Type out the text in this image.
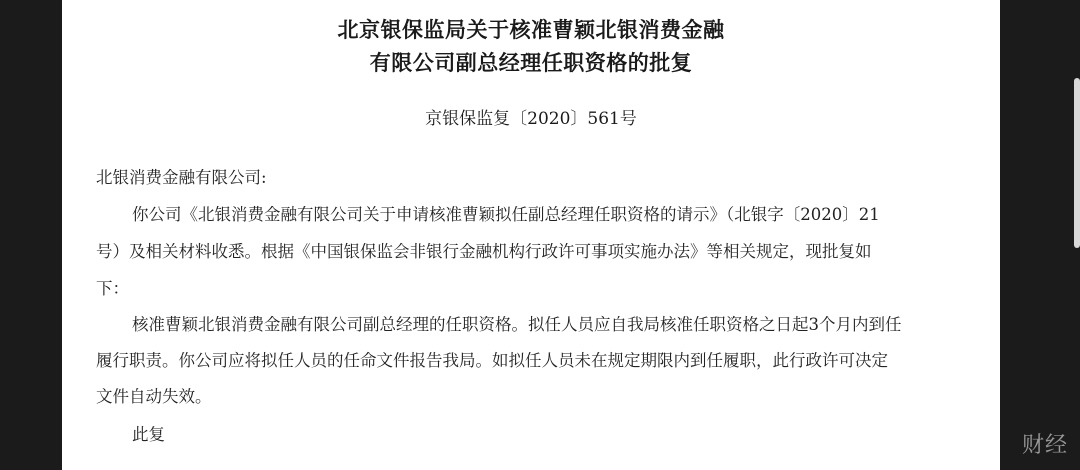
北京银保监局关于核准曹颖北银消费金融
有限公司副总经理任职资格的批复
京银保监复〔2020〕561号
北银消费金融有限公司:
你公司《北银消费金融有限公司关于申请核准曹颖拟任副总经理任职资格的请示》（北银字〔2020〕21
号）及相关材料收悉。根据《中国银保监会非银行金融机构行政许可事项实施办法》等相关规定，现批复如
下：
核准曹颖北银消费金融有限公司副总经理的任职资格。拟任人员应自我局核准任职资格之日起3个月内到任
履行职责。你公司应将拟任人员的任命文件报告我局。如拟任人员未在规定期限内到任履职，此行政许可决定
文件自动失效。
此复	财经
